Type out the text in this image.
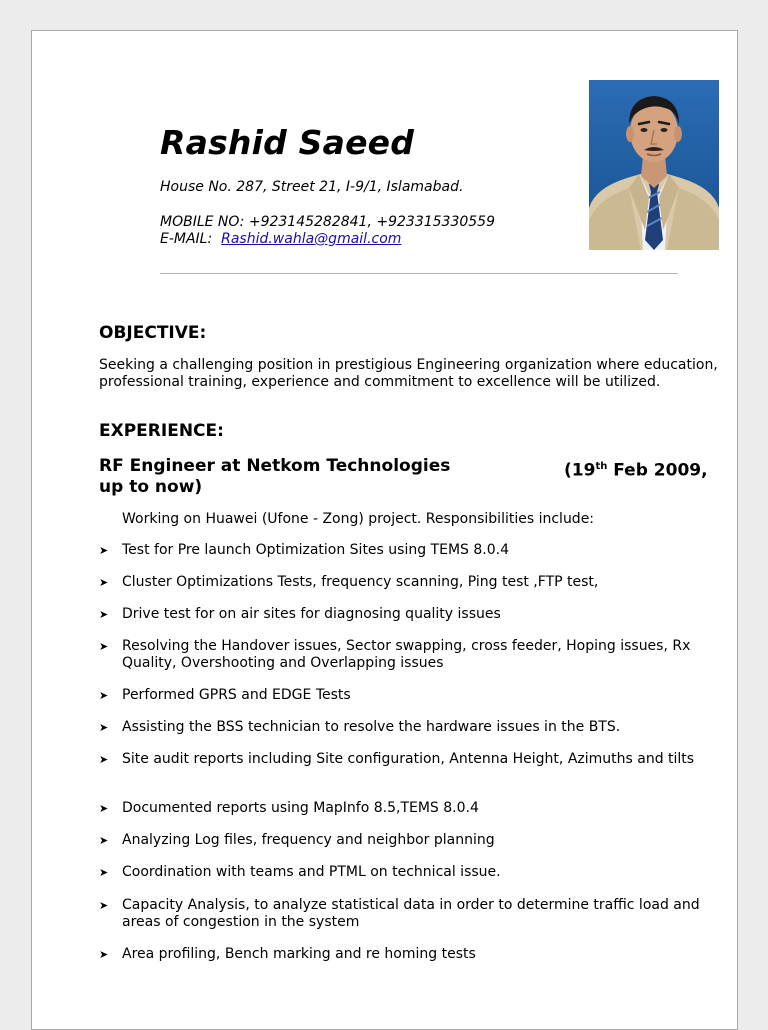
Rashid Saeed
House No. 287, Street 21, I-9/1, Islamabad.
MOBILE NO: +923145282841, +923315330559
E-MAIL: Rashid.wahla@gmail.com
OBJECTIVE:
Seeking a challenging position in prestigious Engineering organization where education, professional training, experience and commitment to excellence will be utilized.
EXPERIENCE:
RF Engineer at Netkom Technologies	(19th Feb 2009,
up to now)
Working on Huawei (Ufone - Zong) project. Responsibilities include:
➤ Test for Pre launch Optimization Sites using TEMS 8.0.4
➤ Cluster Optimizations Tests, frequency scanning, Ping test ,FTP test,
➤ Drive test for on air sites for diagnosing quality issues
➤ Resolving the Handover issues, Sector swapping, cross feeder, Hoping issues, Rx Quality, Overshooting and Overlapping issues
➤ Performed GPRS and EDGE Tests
➤ Assisting the BSS technician to resolve the hardware issues in the BTS.
➤ Site audit reports including Site configuration, Antenna Height, Azimuths and tilts
➤ Documented reports using MapInfo 8.5,TEMS 8.0.4
➤ Analyzing Log files, frequency and neighbor planning
➤ Coordination with teams and PTML on technical issue.
➤ Capacity Analysis, to analyze statistical data in order to determine traffic load and areas of congestion in the system
➤ Area profiling, Bench marking and re homing tests
